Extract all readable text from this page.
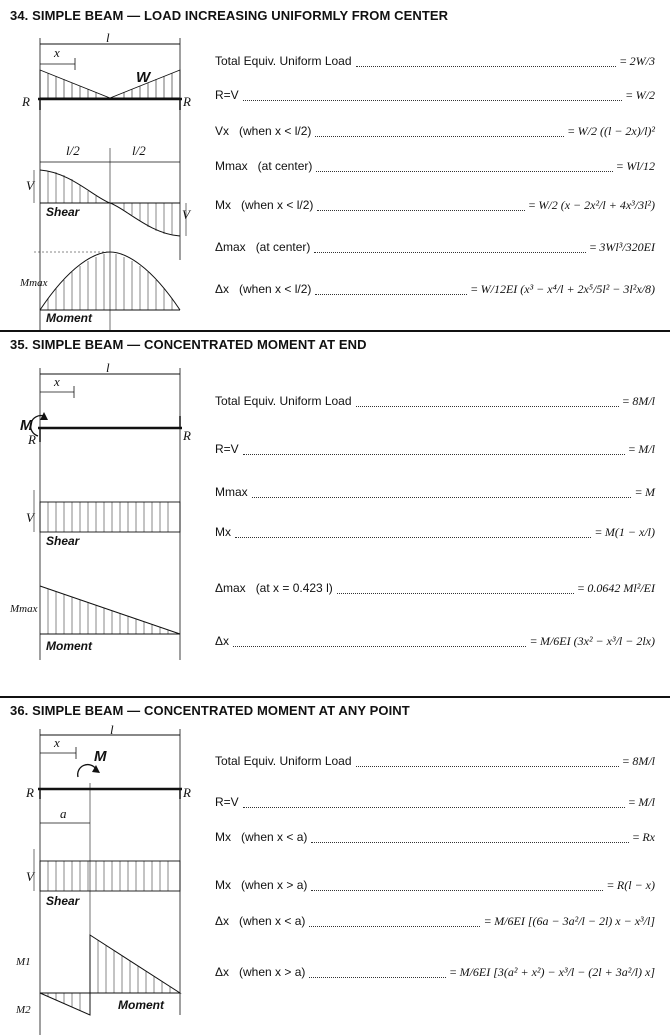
34. SIMPLE BEAM — LOAD INCREASING UNIFORMLY FROM CENTER
x
l
W
R	R
l/2	l/2
V
V
Shear
Mmax
Moment
Total Equiv. Uniform Load	= 2W/3
R=V	= W/2
Vx (when x < l/2)	= W/2 ((l − 2x)/l)²
Mmax (at center)	= Wl/12
Mx (when x < l/2)	= W/2 (x − 2x²/l + 4x³/3l²)
Δmax (at center)	= 3Wl³/320EI
Δx (when x < l/2)	= W/12EI (x³ − x⁴/l + 2x⁵/5l² − 3l²x/8)
35. SIMPLE BEAM — CONCENTRATED MOMENT AT END
x
l
M
R	R
V
Shear
Mmax
Moment
Total Equiv. Uniform Load	= 8M/l
R=V	= M/l
Mmax	= M
Mx	= M(1 − x/l)
Δmax (at x = 0.423 l)	= 0.0642 Ml²/EI
Δx	= M/6EI (3x² − x³/l − 2lx)
36. SIMPLE BEAM — CONCENTRATED MOMENT AT ANY POINT
x
l
M
R	R
a
V
Shear
M1
M2	Moment
Total Equiv. Uniform Load	= 8M/l
R=V	= M/l
Mx (when x < a)	= Rx
Mx (when x > a)	= R(l − x)
Δx (when x < a)	= M/6EI [(6a − 3a²/l − 2l) x − x³/l]
Δx (when x > a)	= M/6EI [3(a² + x²) − x³/l − (2l + 3a²/l) x]
